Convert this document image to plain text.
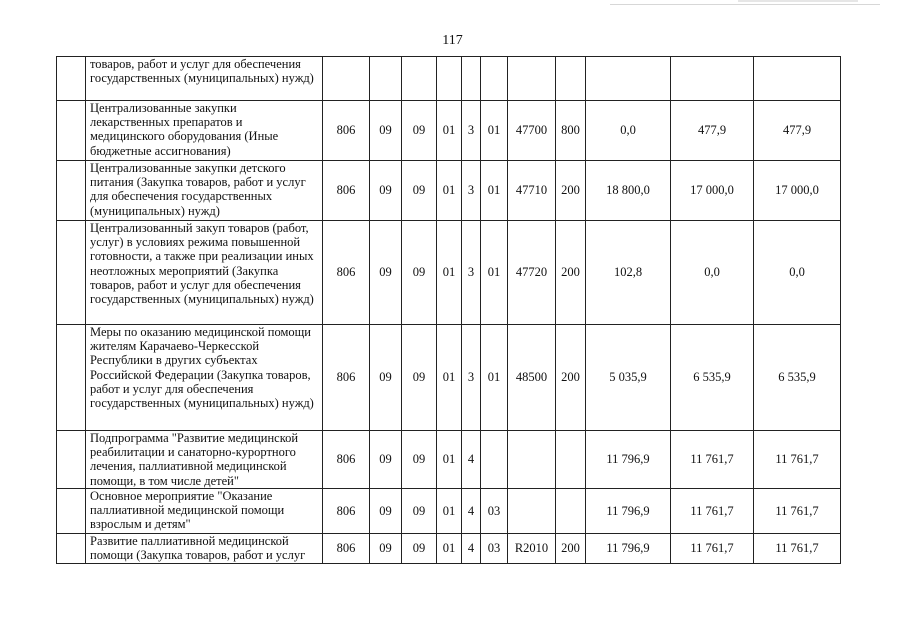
117
	товаров, работ и услуг для обеспечения государственных (муниципальных) нужд)											
	Централизованные закупки лекарственных препаратов и медицинского оборудования (Иные бюджетные ассигнования)	806	09	09	01	3	01	47700	800	0,0	477,9	477,9
	Централизованные закупки детского питания (Закупка товаров, работ и услуг для обеспечения государственных (муниципальных) нужд)	806	09	09	01	3	01	47710	200	18 800,0	17 000,0	17 000,0
	Централизованный закуп товаров (работ, услуг) в условиях режима повышенной готовности, а также при реализации иных неотложных мероприятий (Закупка товаров, работ и услуг для обеспечения государственных (муниципальных) нужд)	806	09	09	01	3	01	47720	200	102,8	0,0	0,0
	Меры по оказанию медицинской помощи жителям Карачаево-Черкесской Республики в других субъектах Российской Федерации (Закупка товаров, работ и услуг для обеспечения государственных (муниципальных) нужд)	806	09	09	01	3	01	48500	200	5 035,9	6 535,9	6 535,9
	Подпрограмма "Развитие медицинской реабилитации и санаторно-курортного лечения, паллиативной медицинской помощи, в том числе детей"	806	09	09	01	4				11 796,9	11 761,7	11 761,7
	Основное мероприятие "Оказание паллиативной медицинской помощи взрослым и детям"	806	09	09	01	4	03			11 796,9	11 761,7	11 761,7
	Развитие паллиативной медицинской помощи (Закупка товаров, работ и услуг	806	09	09	01	4	03	R2010	200	11 796,9	11 761,7	11 761,7
